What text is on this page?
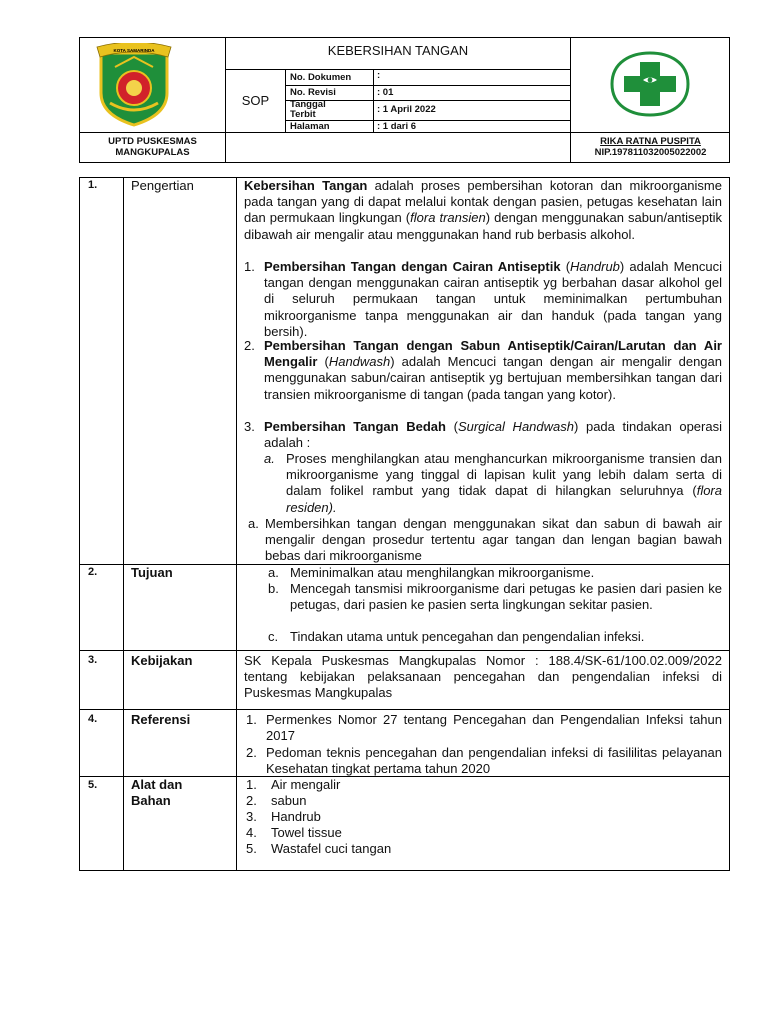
KOTA SAMARINDA	KEBERSIHAN TANGAN
SOP
No. Dokumen	:
No. Revisi	: 01
Tanggal Terbit	: 1 April 2022
Halaman	: 1 dari 6
UPTD PUSKESMAS
MANGKUPALAS
RIKA RATNA PUSPITA
NIP.197811032005022002
1.	Pengertian	Kebersihan Tangan adalah proses pembersihan kotoran dan mikroorganisme pada tangan yang di dapat melalui kontak dengan pasien, petugas kesehatan lain dan permukaan lingkungan (flora transien) dengan menggunakan sabun/antiseptik dibawah air mengalir atau menggunakan hand rub berbasis alkohol.
1. Pembersihan Tangan dengan Cairan Antiseptik (Handrub) adalah Mencuci tangan dengan menggunakan cairan antiseptik yg berbahan dasar alkohol gel di seluruh permukaan tangan untuk meminimalkan pertumbuhan mikroorganisme tanpa menggunakan air dan handuk (pada tangan yang bersih).
2. Pembersihan Tangan dengan Sabun Antiseptik/Cairan/Larutan dan Air Mengalir (Handwash) adalah Mencuci tangan dengan air mengalir dengan menggunakan sabun/cairan antiseptik yg bertujuan membersihkan tangan dari transien mikroorganisme di tangan (pada tangan yang kotor).
3. Pembersihan Tangan Bedah (Surgical Handwash) pada tindakan operasi adalah :
a. Proses menghilangkan atau menghancurkan mikroorganisme transien dan mikroorganisme yang tinggal di lapisan kulit yang lebih dalam serta di dalam folikel rambut yang tidak dapat di hilangkan seluruhnya (flora residen).
a. Membersihkan tangan dengan menggunakan sikat dan sabun di bawah air mengalir dengan prosedur tertentu agar tangan dan lengan bagian bawah bebas dari mikroorganisme
2.	Tujuan	a. Meminimalkan atau menghilangkan mikroorganisme.
b. Mencegah tansmisi mikroorganisme dari petugas ke pasien dari pasien ke petugas, dari pasien ke pasien serta lingkungan sekitar pasien.
c. Tindakan utama untuk pencegahan dan pengendalian infeksi.
3.	Kebijakan	SK Kepala Puskesmas Mangkupalas Nomor : 188.4/SK-61/100.02.009/2022 tentang kebijakan pelaksanaan pencegahan dan pengendalian infeksi di Puskesmas Mangkupalas
4.	Referensi	1. Permenkes Nomor 27 tentang Pencegahan dan Pengendalian Infeksi tahun 2017
2. Pedoman teknis pencegahan dan pengendalian infeksi di fasililitas pelayanan Kesehatan tingkat pertama tahun 2020
5.	Alat dan
Bahan
1. Air mengalir
2. sabun
3. Handrub
4. Towel tissue
5. Wastafel cuci tangan
